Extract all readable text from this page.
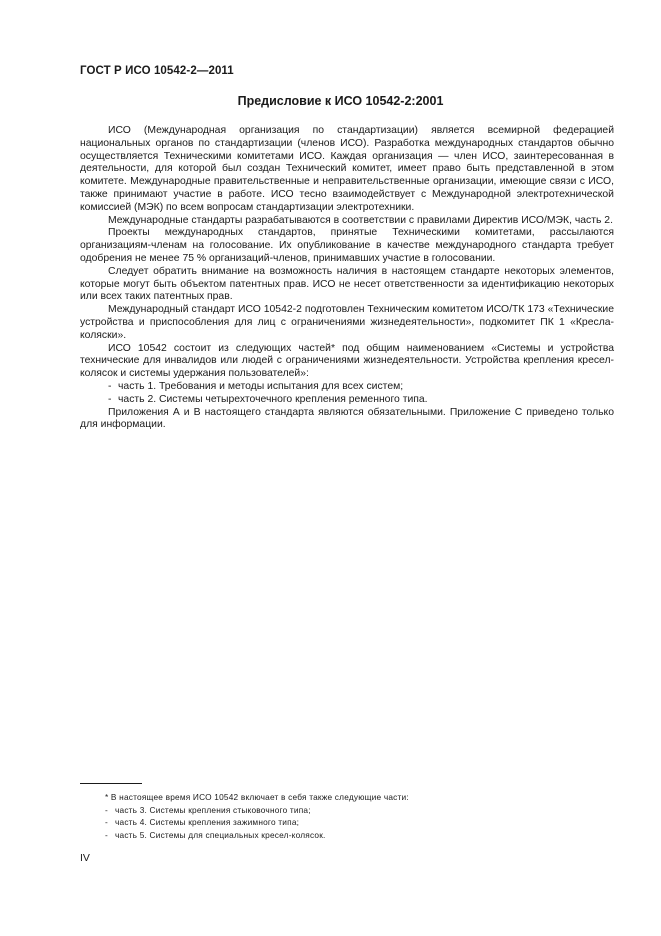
ГОСТ Р ИСО 10542-2—2011
Предисловие к ИСО 10542-2:2001

ИСО (Международная организация по стандартизации) является всемирной федерацией национальных органов по стандартизации (членов ИСО). Разработка международных стандартов обычно осуществляется Техническими комитетами ИСО. Каждая организация — член ИСО, заинтересованная в деятельности, для которой был создан Технический комитет, имеет право быть представленной в этом комитете. Международные правительственные и неправительственные организации, имеющие связи с ИСО, также принимают участие в работе. ИСО тесно взаимодействует с Международной электротехнической комиссией (МЭК) по всем вопросам стандартизации электротехники.

Международные стандарты разрабатываются в соответствии с правилами Директив ИСО/МЭК, часть 2.

Проекты международных стандартов, принятые Техническими комитетами, рассылаются организациям-членам на голосование. Их опубликование в качестве международного стандарта требует одобрения не менее 75 % организаций-членов, принимавших участие в голосовании.

Следует обратить внимание на возможность наличия в настоящем стандарте некоторых элементов, которые могут быть объектом патентных прав. ИСО не несет ответственности за идентификацию некоторых или всех таких патентных прав.

Международный стандарт ИСО 10542-2 подготовлен Техническим комитетом ИСО/ТК 173 «Технические устройства и приспособления для лиц с ограничениями жизнедеятельности», подкомитет ПК 1 «Кресла-коляски».

ИСО 10542 состоит из следующих частей* под общим наименованием «Системы и устройства технические для инвалидов или людей с ограничениями жизнедеятельности. Устройства крепления кресел-колясок и системы удержания пользователей»:

- часть 1. Требования и методы испытания для всех систем;
- часть 2. Системы четырехточечного крепления ременного типа.

Приложения А и В настоящего стандарта являются обязательными. Приложение С приведено только для информации.

* В настоящее время ИСО 10542 включает в себя также следующие части:
- часть 3. Системы крепления стыковочного типа;
- часть 4. Системы крепления зажимного типа;
- часть 5. Системы для специальных кресел-колясок.
IV
